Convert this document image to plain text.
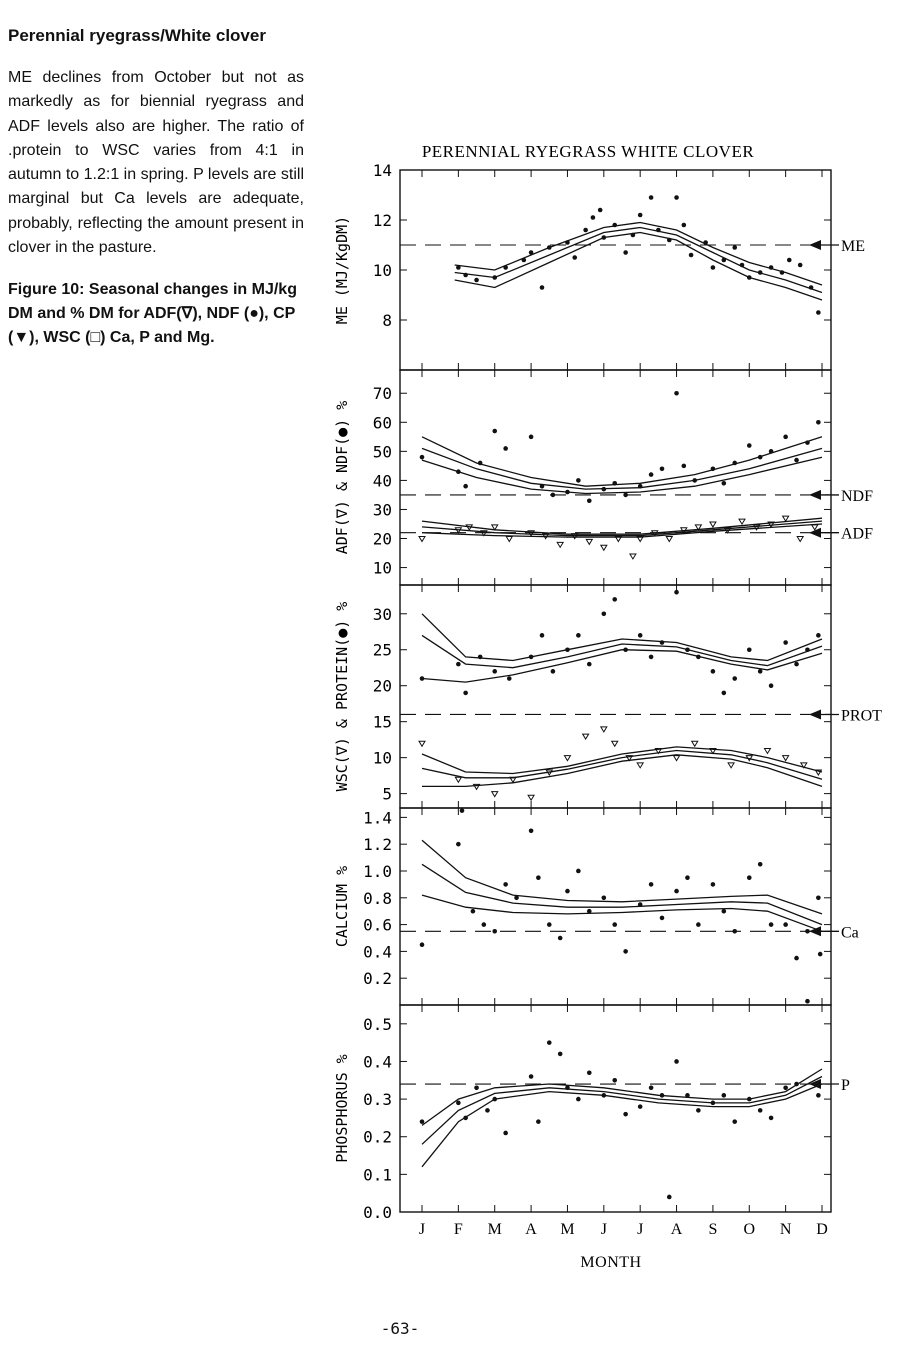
Perennial ryegrass/White clover

ME declines from October but not as markedly as for biennial ryegrass and ADF levels also are higher. The ratio of .protein to WSC varies from 4:1 in autumn to 1.2:1 in spring. P levels are still marginal but Ca levels are adequate, probably, reflecting the amount present in clover in the pasture.

Figure 10: Seasonal changes in MJ/kg DM and % DM for ADF(∇), NDF (●), CP (▼), WSC (□) Ca, P and Mg.

PERENNIAL RYEGRASS WHITE CLOVER
MONTH
8
10
12
14
ME (MJ/KgDM)	ME
10
20
30
40
50
60
70
ADF(∇) & NDF(●) %	NDF
ADF
5
10
15
20
25
30
WSC(∇) & PROTEIN(●) %	PROT
0.2
0.4
0.6
0.8
1.0
1.2
1.4
CALCIUM %	Ca
0.0
0.1
0.2
0.3
0.4
0.5
PHOSPHORUS %	P
J F M A M J J A S O N D
-63-
